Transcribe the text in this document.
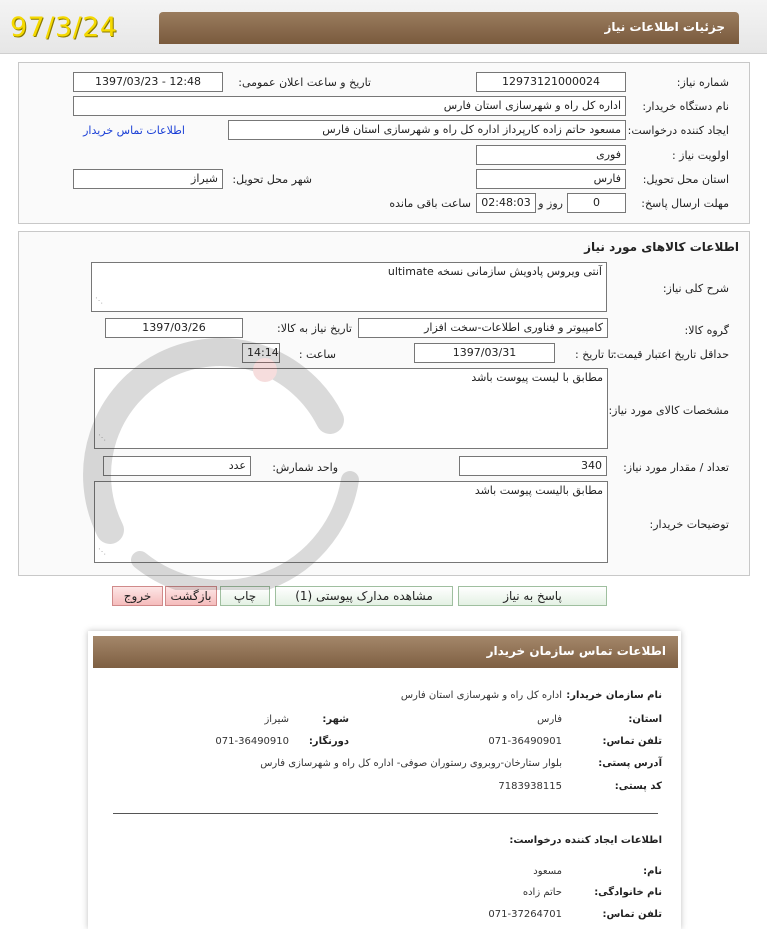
97/3/24	جزئیات اطلاعات نیاز
شماره نیاز:
12973121000024
تاریخ و ساعت اعلان عمومی:
1397/03/23 - 12:48
نام دستگاه خریدار:
اداره کل راه و شهرسازی استان فارس
ایجاد کننده درخواست:
مسعود حاتم زاده کارپرداز اداره کل راه و شهرسازی استان فارس
اطلاعات تماس خریدار
اولویت نیاز :
فوری
استان محل تحویل:
فارس
شهر محل تحویل:
شیراز
مهلت ارسال پاسخ:
0
روز و
02:48:03
ساعت باقی مانده
اطلاعات کالاهای مورد نیاز
شرح کلی نیاز:
آنتی ویروس پادویش سازمانی نسخه ultimate
⋰
گروه کالا:
کامپیوتر و فناوری اطلاعات-سخت افزار
تاریخ نیاز به کالا:
1397/03/26
حداقل تاریخ اعتبار قیمت:
تا تاریخ :
1397/03/31
ساعت :
14:14
مشخصات کالای مورد نیاز:
مطابق با لیست پیوست باشد
⋰
تعداد / مقدار مورد نیاز:
340
واحد شمارش:
عدد
توضیحات خریدار:
مطابق بالیست پیوست باشد
⋰
پاسخ به نیاز
مشاهده مدارک پیوستی (1)
چاپ
بازگشت
خروج
اطلاعات تماس سازمان خریدار
نام سازمان خریدار:
اداره کل راه و شهرسازی استان فارس
استان:
فارس
شهر:
شیراز
تلفن تماس:
071-36490901
دورنگار:
071-36490910
آدرس پستی:
بلوار ستارخان-روبروی رستوران صوفی- اداره کل راه و شهرسازی فارس
کد پستی:
7183938115
اطلاعات ایجاد کننده درخواست:
نام:
مسعود
نام خانوادگی:
حاتم زاده
تلفن تماس:
071-37264701
